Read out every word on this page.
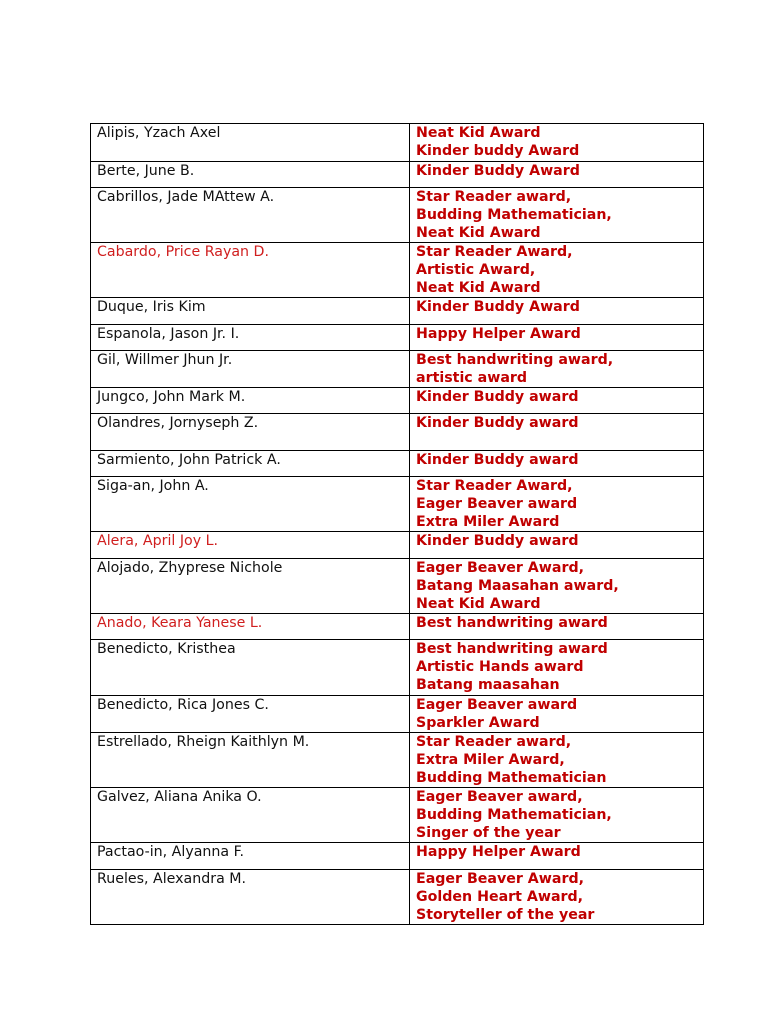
Alipis, Yzach Axel	Neat Kid Award
Kinder buddy Award

Berte, June B.	Kinder Buddy Award

Cabrillos, Jade MAttew A.	Star Reader award,
Budding Mathematician,
Neat Kid Award

Cabardo, Price Rayan D.	Star Reader Award,
Artistic Award,
Neat Kid Award

Duque, Iris Kim	Kinder Buddy Award

Espanola, Jason Jr. I.	Happy Helper Award

Gil, Willmer Jhun Jr.	Best handwriting award,
artistic award

Jungco, John Mark M.	Kinder Buddy award

Olandres, Jornyseph Z.	Kinder Buddy award

Sarmiento, John Patrick A.	Kinder Buddy award

Siga-an, John A.	Star Reader Award,
Eager Beaver award
Extra Miler Award

Alera, April Joy L.	Kinder Buddy award

Alojado, Zhyprese Nichole	Eager Beaver Award,
Batang Maasahan award,
Neat Kid Award

Anado, Keara Yanese L.	Best handwriting award

Benedicto, Kristhea	Best handwriting award
Artistic Hands award
Batang maasahan

Benedicto, Rica Jones C.	Eager Beaver award
Sparkler Award

Estrellado, Rheign Kaithlyn M.	Star Reader award,
Extra Miler Award,
Budding Mathematician

Galvez, Aliana Anika O.	Eager Beaver award,
Budding Mathematician,
Singer of the year

Pactao-in, Alyanna F.	Happy Helper Award

Rueles, Alexandra M.	Eager Beaver Award,
Golden Heart Award,
Storyteller of the year
